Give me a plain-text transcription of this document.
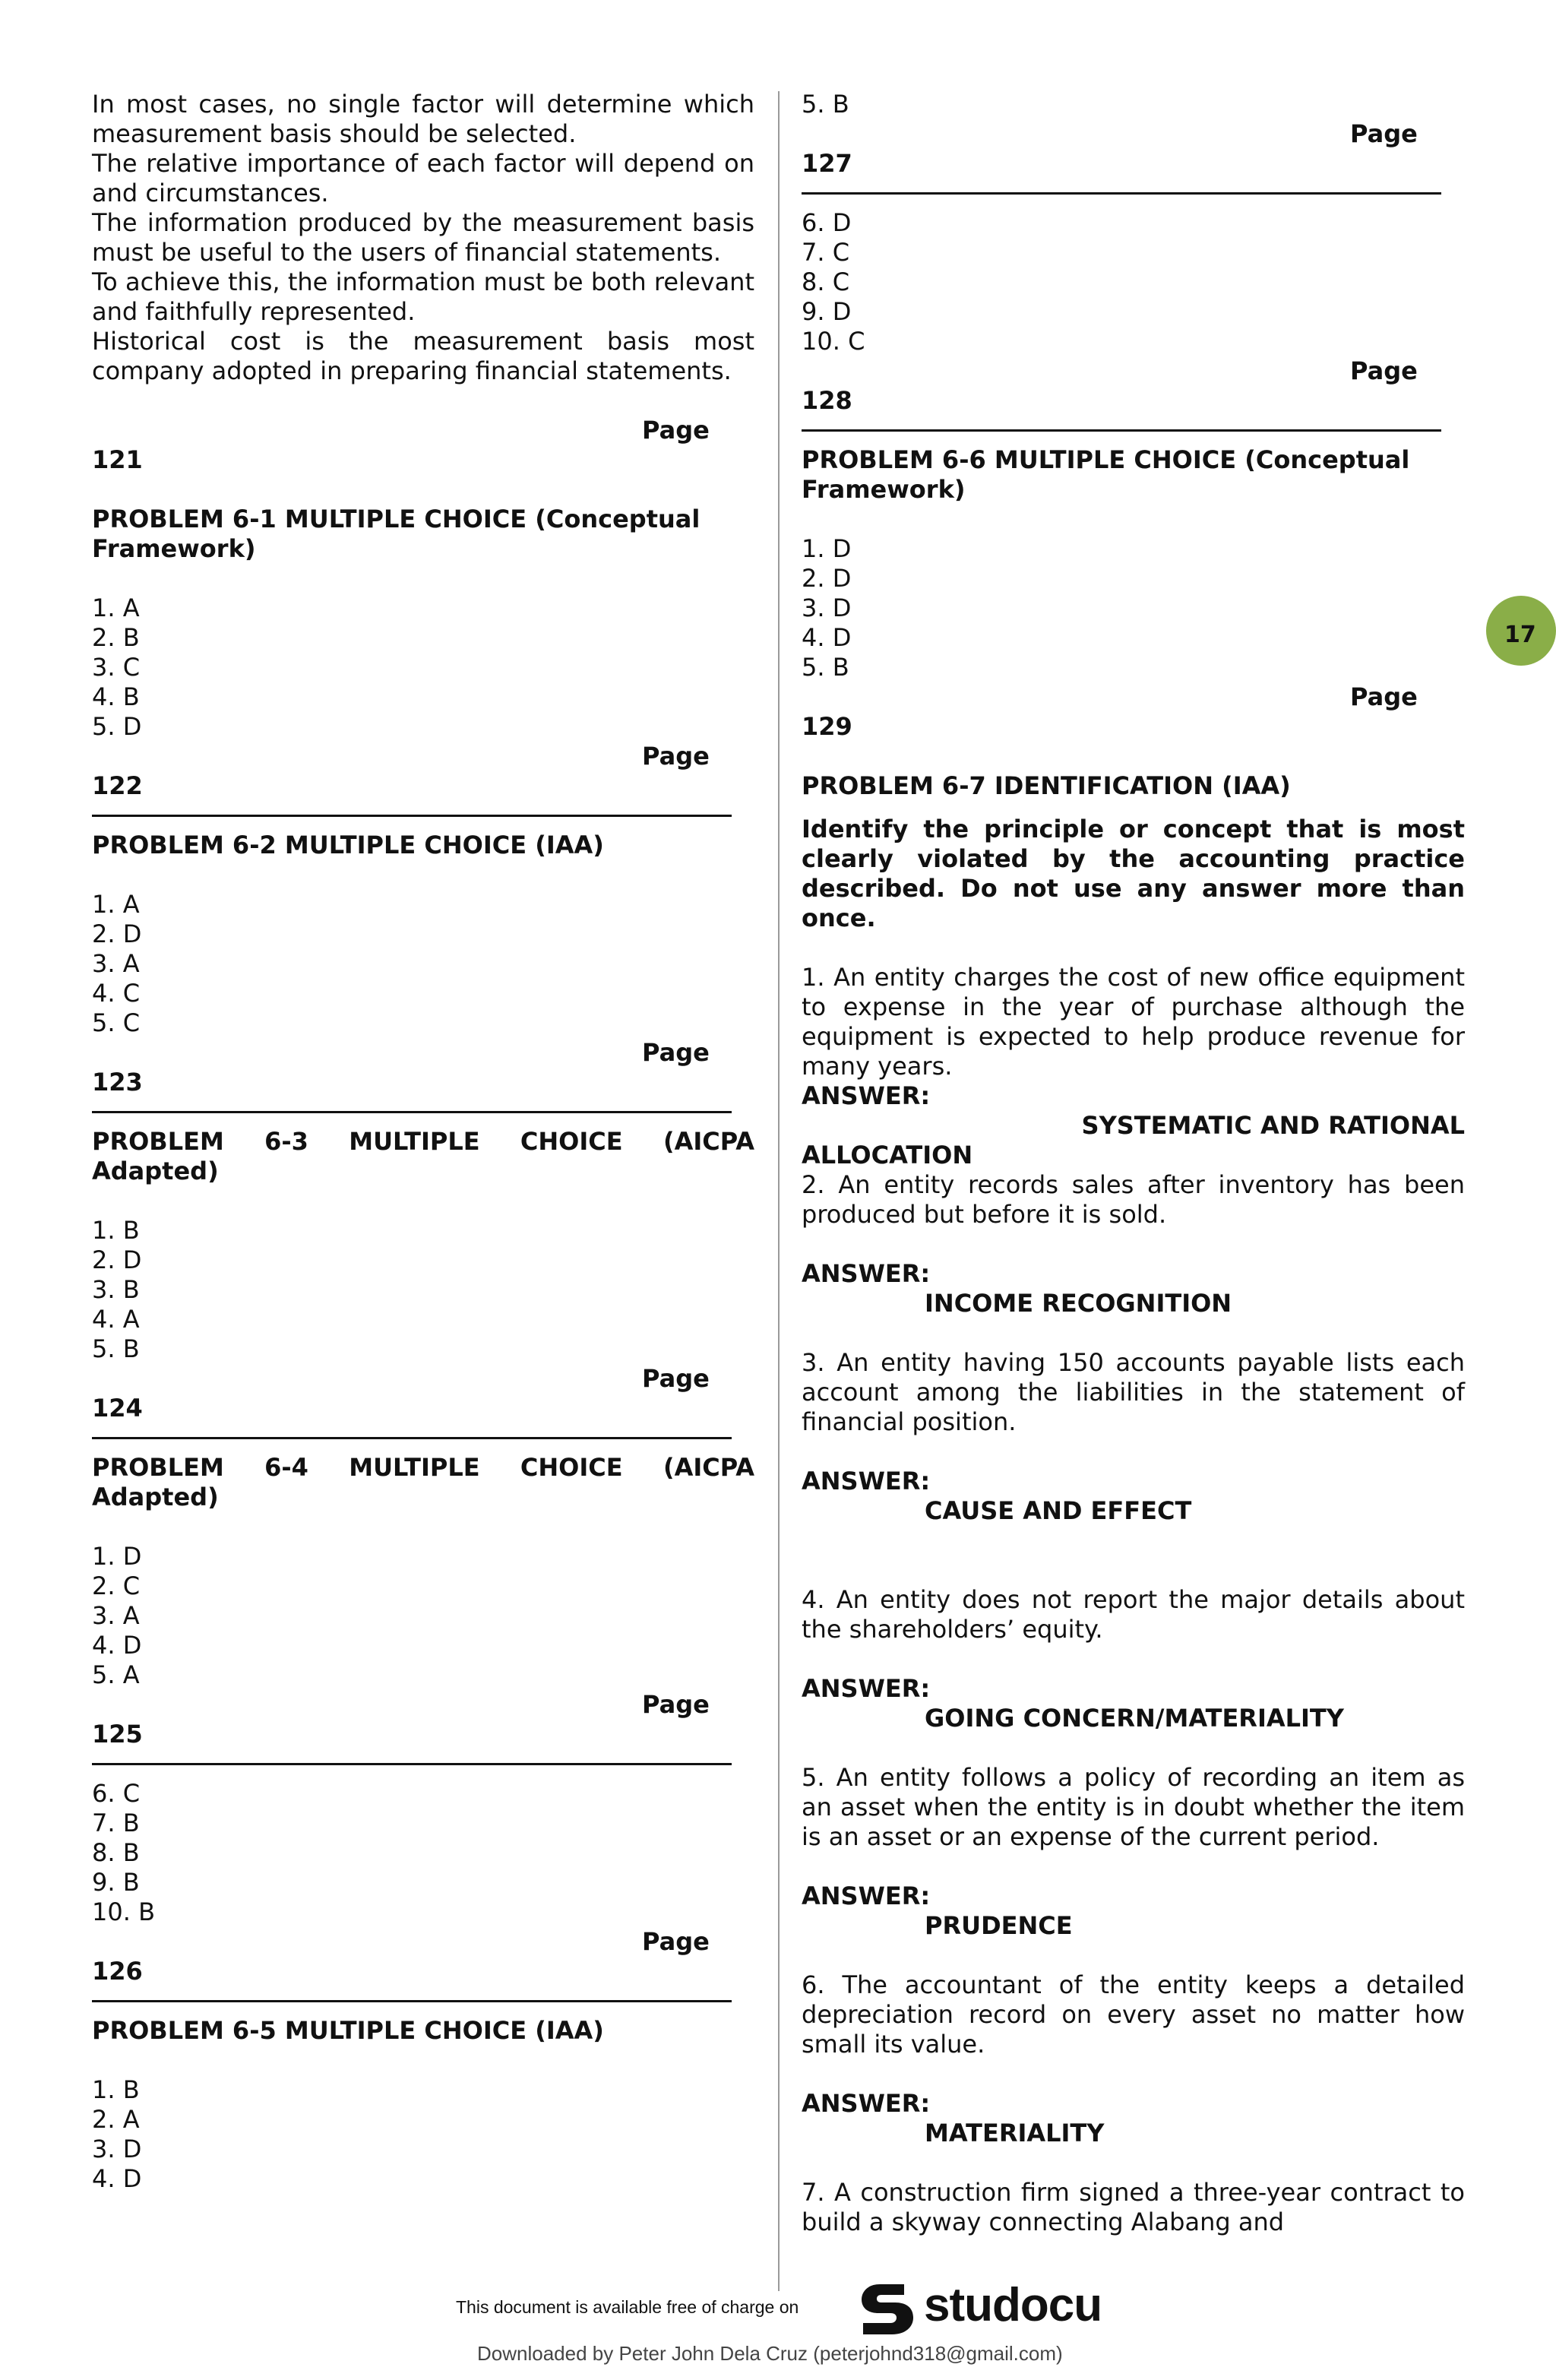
In most cases, no single factor will determine which measurement basis should be selected.

The relative importance of each factor will depend on and circumstances.

The information produced by the measurement basis must be useful to the users of financial statements.

To achieve this, the information must be both relevant and faithfully represented.

Historical cost is the measurement basis most company adopted in preparing financial statements.

Page
121

PROBLEM 6-1 MULTIPLE CHOICE (Conceptual Framework)

1. A

2. B

3. C

4. B

5. D

Page
122

PROBLEM 6-2 MULTIPLE CHOICE (IAA)

1. A

2. D

3. A

4. C

5. C

Page
123

PROBLEM 6-3 MULTIPLE CHOICE (AICPA Adapted)

1. B

2. D

3. B

4. A

5. B

Page
124

PROBLEM 6-4 MULTIPLE CHOICE (AICPA Adapted)

1. D

2. C

3. A

4. D

5. A

Page
125

6. C

7. B

8. B

9. B

10. B

Page
126

PROBLEM 6-5 MULTIPLE CHOICE (IAA)

1. B

2. A

3. D

4. D

5. B

Page
127

6. D

7. C

8. C

9. D

10. C

Page
128

PROBLEM 6-6 MULTIPLE CHOICE (Conceptual Framework)

1. D

2. D

3. D

4. D

5. B

Page
129

PROBLEM 6-7 IDENTIFICATION (IAA)

Identify the principle or concept that is most clearly violated by the accounting practice described. Do not use any answer more than once.

1. An entity charges the cost of new office equipment to expense in the year of purchase although the equipment is expected to help produce revenue for many years.

ANSWER:

SYSTEMATIC AND RATIONAL

ALLOCATION

2. An entity records sales after inventory has been produced but before it is sold.

ANSWER:

INCOME RECOGNITION

3. An entity having 150 accounts payable lists each account among the liabilities in the statement of financial position.

ANSWER:

CAUSE AND EFFECT

4. An entity does not report the major details about the shareholders’ equity.

ANSWER:

GOING CONCERN/MATERIALITY

5. An entity follows a policy of recording an item as an asset when the entity is in doubt whether the item is an asset or an expense of the current period.

ANSWER:

PRUDENCE

6. The accountant of the entity keeps a detailed depreciation record on every asset no matter how small its value.

ANSWER:

MATERIALITY

7. A construction firm signed a three-year contract to build a skyway connecting Alabang and

17
This document is available free of charge on	studocu
Downloaded by Peter John Dela Cruz (peterjohnd318@gmail.com)
